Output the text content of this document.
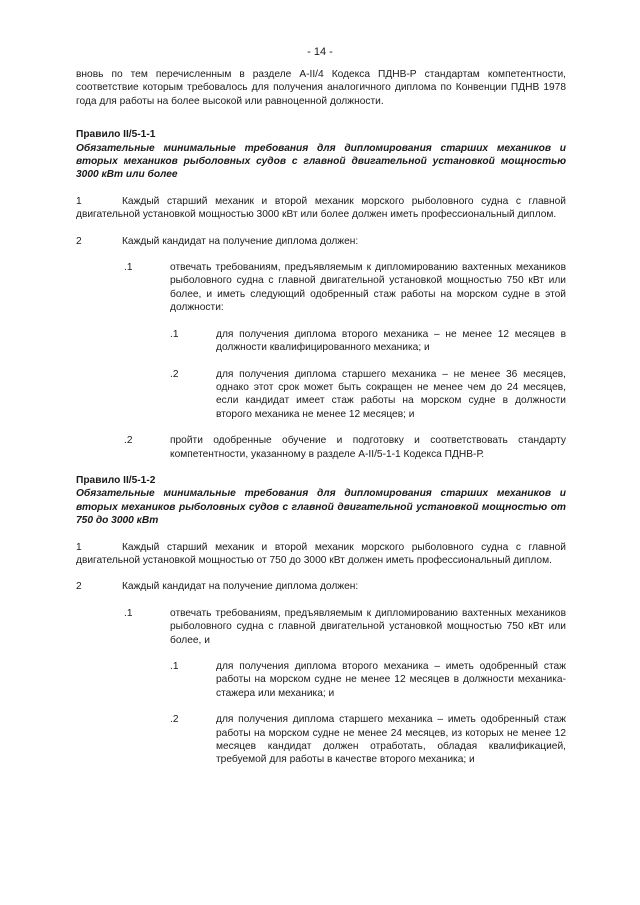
- 14 -

вновь по тем перечисленным в разделе A-II/4 Кодекса ПДНВ-Р стандартам компетентности, соответствие которым требовалось для получения аналогичного диплома по Конвенции ПДНВ 1978 года для работы на более высокой или равноценной должности.

Правило II/5-1-1

Обязательные минимальные требования для дипломирования старших механиков и вторых механиков рыболовных судов с главной двигательной установкой мощностью 3000 кВт или более

1	Каждый старший механик и второй механик морского рыболовного судна с главной двигательной установкой мощностью 3000 кВт или более должен иметь профессиональный диплом.

2	Каждый кандидат на получение диплома должен:

.1	отвечать требованиям, предъявляемым к дипломированию вахтенных механиков рыболовного судна с главной двигательной установкой мощностью 750 кВт или более, и иметь следующий одобренный стаж работы на морском судне в этой должности:

.1	для получения диплома второго механика – не менее 12 месяцев в должности квалифицированного механика; и

.2	для получения диплома старшего механика – не менее 36 месяцев, однако этот срок может быть сокращен не менее чем до 24 месяцев, если кандидат имеет стаж работы на морском судне в должности второго механика не менее 12 месяцев; и

.2	пройти одобренные обучение и подготовку и соответствовать стандарту компетентности, указанному в разделе A-II/5-1-1 Кодекса ПДНВ-Р.

Правило II/5-1-2

Обязательные минимальные требования для дипломирования старших механиков и вторых механиков рыболовных судов с главной двигательной установкой мощностью от 750 до 3000 кВт

1	Каждый старший механик и второй механик морского рыболовного судна с главной двигательной установкой мощностью от 750 до 3000 кВт должен иметь профессиональный диплом.

2	Каждый кандидат на получение диплома должен:

.1	отвечать требованиям, предъявляемым к дипломированию вахтенных механиков рыболовного судна с главной двигательной установкой мощностью 750 кВт или более, и

.1	для получения диплома второго механика – иметь одобренный стаж работы на морском судне не менее 12 месяцев в должности механика-стажера или механика; и

.2	для получения диплома старшего механика – иметь одобренный стаж работы на морском судне не менее 24 месяцев, из которых не менее 12 месяцев кандидат должен отработать, обладая квалификацией, требуемой для работы в качестве второго механика; и
